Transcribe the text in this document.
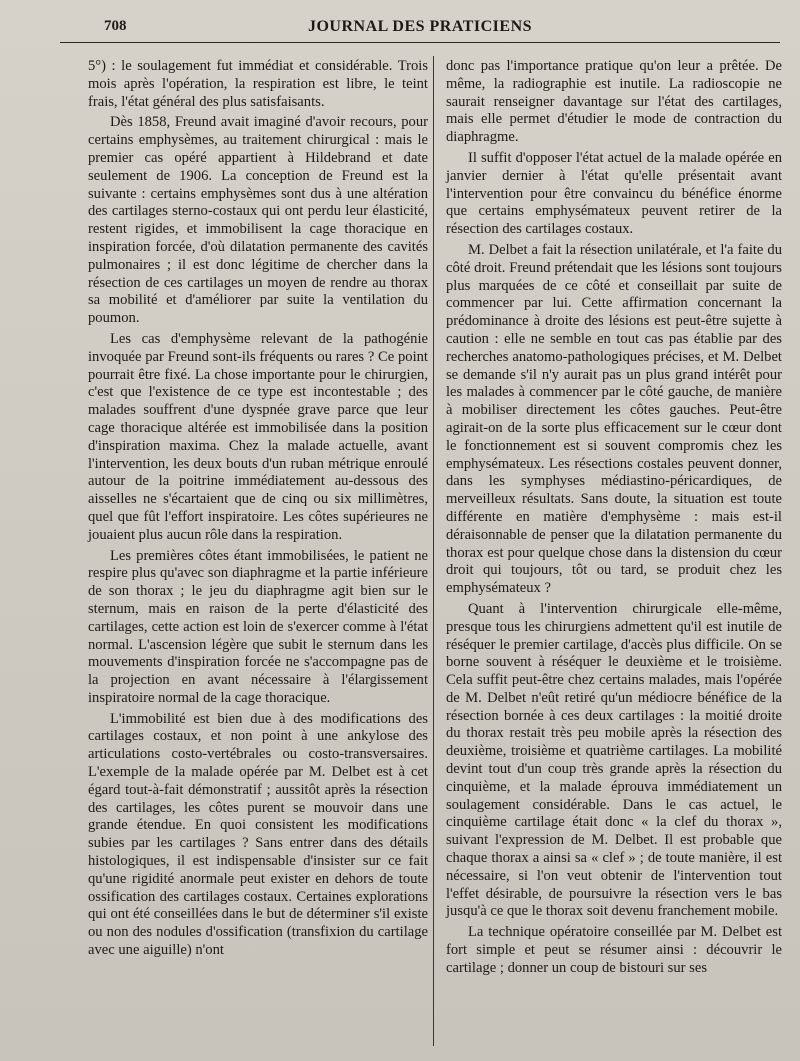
708	JOURNAL DES PRATICIENS

5°) : le soulagement fut immédiat et considérable. Trois mois après l'opération, la respiration est libre, le teint frais, l'état général des plus satisfaisants.

Dès 1858, Freund avait imaginé d'avoir recours, pour certains emphysèmes, au traitement chirurgical : mais le premier cas opéré appartient à Hildebrand et date seulement de 1906. La conception de Freund est la suivante : certains emphysèmes sont dus à une altération des cartilages sterno-costaux qui ont perdu leur élasticité, restent rigides, et immobilisent la cage thoracique en inspiration forcée, d'où dilatation permanente des cavités pulmonaires ; il est donc légitime de chercher dans la résection de ces cartilages un moyen de rendre au thorax sa mobilité et d'améliorer par suite la ventilation du poumon.

Les cas d'emphysème relevant de la pathogénie invoquée par Freund sont-ils fréquents ou rares ? Ce point pourrait être fixé. La chose importante pour le chirurgien, c'est que l'existence de ce type est incontestable ; des malades souffrent d'une dyspnée grave parce que leur cage thoracique altérée est immobilisée dans la position d'inspiration maxima. Chez la malade actuelle, avant l'intervention, les deux bouts d'un ruban métrique enroulé autour de la poitrine immédiatement au-dessous des aisselles ne s'écartaient que de cinq ou six millimètres, quel que fût l'effort inspiratoire. Les côtes supérieures ne jouaient plus aucun rôle dans la respiration.

Les premières côtes étant immobilisées, le patient ne respire plus qu'avec son diaphragme et la partie inférieure de son thorax ; le jeu du diaphragme agit bien sur le sternum, mais en raison de la perte d'élasticité des cartilages, cette action est loin de s'exercer comme à l'état normal. L'ascension légère que subit le sternum dans les mouvements d'inspiration forcée ne s'accompagne pas de la projection en avant nécessaire à l'élargissement inspiratoire normal de la cage thoracique.

L'immobilité est bien due à des modifications des cartilages costaux, et non point à une ankylose des articulations costo-vertébrales ou costo-transversaires. L'exemple de la malade opérée par M. Delbet est à cet égard tout-à-fait démonstratif ; aussitôt après la résection des cartilages, les côtes purent se mouvoir dans une grande étendue. En quoi consistent les modifications subies par les cartilages ? Sans entrer dans des détails histologiques, il est indispensable d'insister sur ce fait qu'une rigidité anormale peut exister en dehors de toute ossification des cartilages costaux. Certaines explorations qui ont été conseillées dans le but de déterminer s'il existe ou non des nodules d'ossification (transfixion du cartilage avec une aiguille) n'ont

donc pas l'importance pratique qu'on leur a prêtée. De même, la radiographie est inutile. La radioscopie ne saurait renseigner davantage sur l'état des cartilages, mais elle permet d'étudier le mode de contraction du diaphragme.

Il suffit d'opposer l'état actuel de la malade opérée en janvier dernier à l'état qu'elle présentait avant l'intervention pour être convaincu du bénéfice énorme que certains emphysémateux peuvent retirer de la résection des cartilages costaux.

M. Delbet a fait la résection unilatérale, et l'a faite du côté droit. Freund prétendait que les lésions sont toujours plus marquées de ce côté et conseillait par suite de commencer par lui. Cette affirmation concernant la prédominance à droite des lésions est peut-être sujette à caution : elle ne semble en tout cas pas établie par des recherches anatomo-pathologiques précises, et M. Delbet se demande s'il n'y aurait pas un plus grand intérêt pour les malades à commencer par le côté gauche, de manière à mobiliser directement les côtes gauches. Peut-être agirait-on de la sorte plus efficacement sur le cœur dont le fonctionnement est si souvent compromis chez les emphysémateux. Les résections costales peuvent donner, dans les symphyses médiastino-péricardiques, de merveilleux résultats. Sans doute, la situation est toute différente en matière d'emphysème : mais est-il déraisonnable de penser que la dilatation permanente du thorax est pour quelque chose dans la distension du cœur droit qui toujours, tôt ou tard, se produit chez les emphysémateux ?

Quant à l'intervention chirurgicale elle-même, presque tous les chirurgiens admettent qu'il est inutile de réséquer le premier cartilage, d'accès plus difficile. On se borne souvent à réséquer le deuxième et le troisième. Cela suffit peut-être chez certains malades, mais l'opérée de M. Delbet n'eût retiré qu'un médiocre bénéfice de la résection bornée à ces deux cartilages : la moitié droite du thorax restait très peu mobile après la résection des deuxième, troisième et quatrième cartilages. La mobilité devint tout d'un coup très grande après la résection du cinquième, et la malade éprouva immédiatement un soulagement considérable. Dans le cas actuel, le cinquième cartilage était donc « la clef du thorax », suivant l'expression de M. Delbet. Il est probable que chaque thorax a ainsi sa « clef » ; de toute manière, il est nécessaire, si l'on veut obtenir de l'intervention tout l'effet désirable, de poursuivre la résection vers le bas jusqu'à ce que le thorax soit devenu franchement mobile.

La technique opératoire conseillée par M. Delbet est fort simple et peut se résumer ainsi : découvrir le cartilage ; donner un coup de bistouri sur ses
